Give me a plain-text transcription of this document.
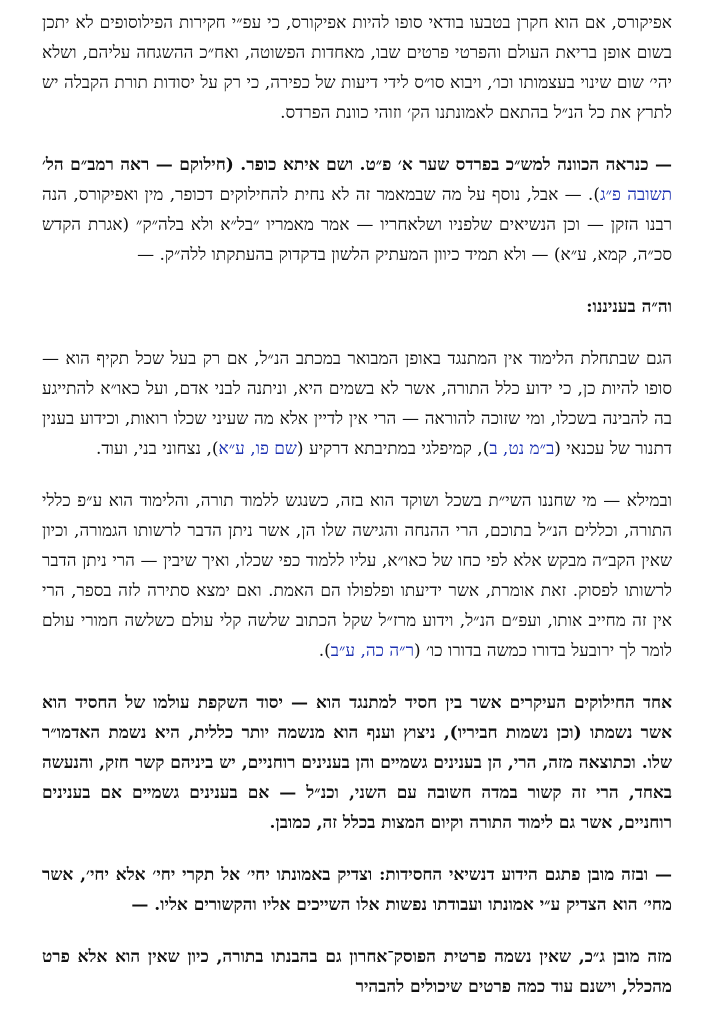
אפיקורס, אם הוא חקרן בטבעו בודאי סופו להיות אפיקורס, כי עפ״י חקירות הפילוסופים לא יתכן בשום אופן בריאת העולם והפרטי פרטים שבו, מאחדות הפשוטה, ואח״כ ההשגחה עליהם, ושלא יהי׳ שום שינוי בעצמותו וכו׳, ויבוא סו״ס לידי דיעות של כפירה, כי רק על יסודות תורת הקבלה יש לתרץ את כל הנ״ל בהתאם לאמונתנו הק׳ וזוהי כוונת הפרדס.

— כנראה הכוונה למש״כ בפרדס שער א׳ פ״ט. ושם איתא כופר. (חילוקם — ראה רמב״ם הל׳ תשובה פ״ג). — אבל, נוסף על מה שבמאמר זה לא נחית להחילוקים דכופר, מין ואפיקורס, הנה רבנו הזקן — וכן הנשיאים שלפניו ושלאחריו — אמר מאמריו ״בל״א ולא בלה״ק״ (אגרת הקדש סכ״ה, קמא, ע״א) — ולא תמיד כיוון המעתיק הלשון בדקדוק בהעתקתו ללה״ק. —

וה״ה בעניננו:

הגם שבתחלת הלימוד אין המתנגד באופן המבואר במכתב הנ״ל, אם רק בעל שכל תקיף הוא — סופו להיות כן, כי ידוע כלל התורה, אשר לא בשמים היא, וניתנה לבני אדם, ועל כאו״א להתייגע בה להבינה בשכלו, ומי שזוכה להוראה — הרי אין לדיין אלא מה שעיני שכלו רואות, וכידוע בענין דתנור של עכנאי (ב״מ נט, ב), קמיפלגי במתיבתא דרקיע (שם פו, ע״א), נצחוני בני, ועוד.

ובמילא — מי שחננו השי״ת בשכל ושוקד הוא בזה, כשנגש ללמוד תורה, והלימוד הוא ע״פ כללי התורה, וכללים הנ״ל בתוכם, הרי ההנחה והגישה שלו הן, אשר ניתן הדבר לרשותו הגמורה, וכיון שאין הקב״ה מבקש אלא לפי כחו של כאו״א, עליו ללמוד כפי שכלו, ואיך שיבין — הרי ניתן הדבר לרשותו לפסוק. זאת אומרת, אשר ידיעתו ופלפולו הם האמת. ואם ימצא סתירה לזה בספר, הרי אין זה מחייב אותו, ועפ״ם הנ״ל, וידוע מרז״ל שקל הכתוב שלשה קלי עולם כשלשה חמורי עולם לומר לך ירובעל בדורו כמשה בדורו כו׳ (ר״ה כה, ע״ב).

אחד החילוקים העיקרים אשר בין חסיד למתנגד הוא — יסוד השקפת עולמו של החסיד הוא אשר נשמתו (וכן נשמות חביריו), ניצוץ וענף הוא מנשמה יותר כללית, היא נשמת האדמו״ר שלו. וכתוצאה מזה, הרי, הן בענינים גשמיים והן בענינים רוחניים, יש ביניהם קשר חזק, והנעשה באחד, הרי זה קשור במדה חשובה עם השני, וכנ״ל — אם בענינים גשמיים אם בענינים רוחניים, אשר גם לימוד התורה וקיום המצות בכלל זה, כמובן.

— ובזה מובן פתגם הידוע דנשיאי החסידות: וצדיק באמונתו יחי׳ אל תקרי יחי׳ אלא יחי׳, אשר מחי׳ הוא הצדיק ע״י אמונתו ועבודתו נפשות אלו השייכים אליו והקשורים אליו. —

מזה מובן ג״כ, שאין נשמה פרטית הפוסק־אחרון גם בהבנתו בתורה, כיון שאין הוא אלא פרט מהכלל, וישנם עוד כמה פרטים שיכולים להבהיר
